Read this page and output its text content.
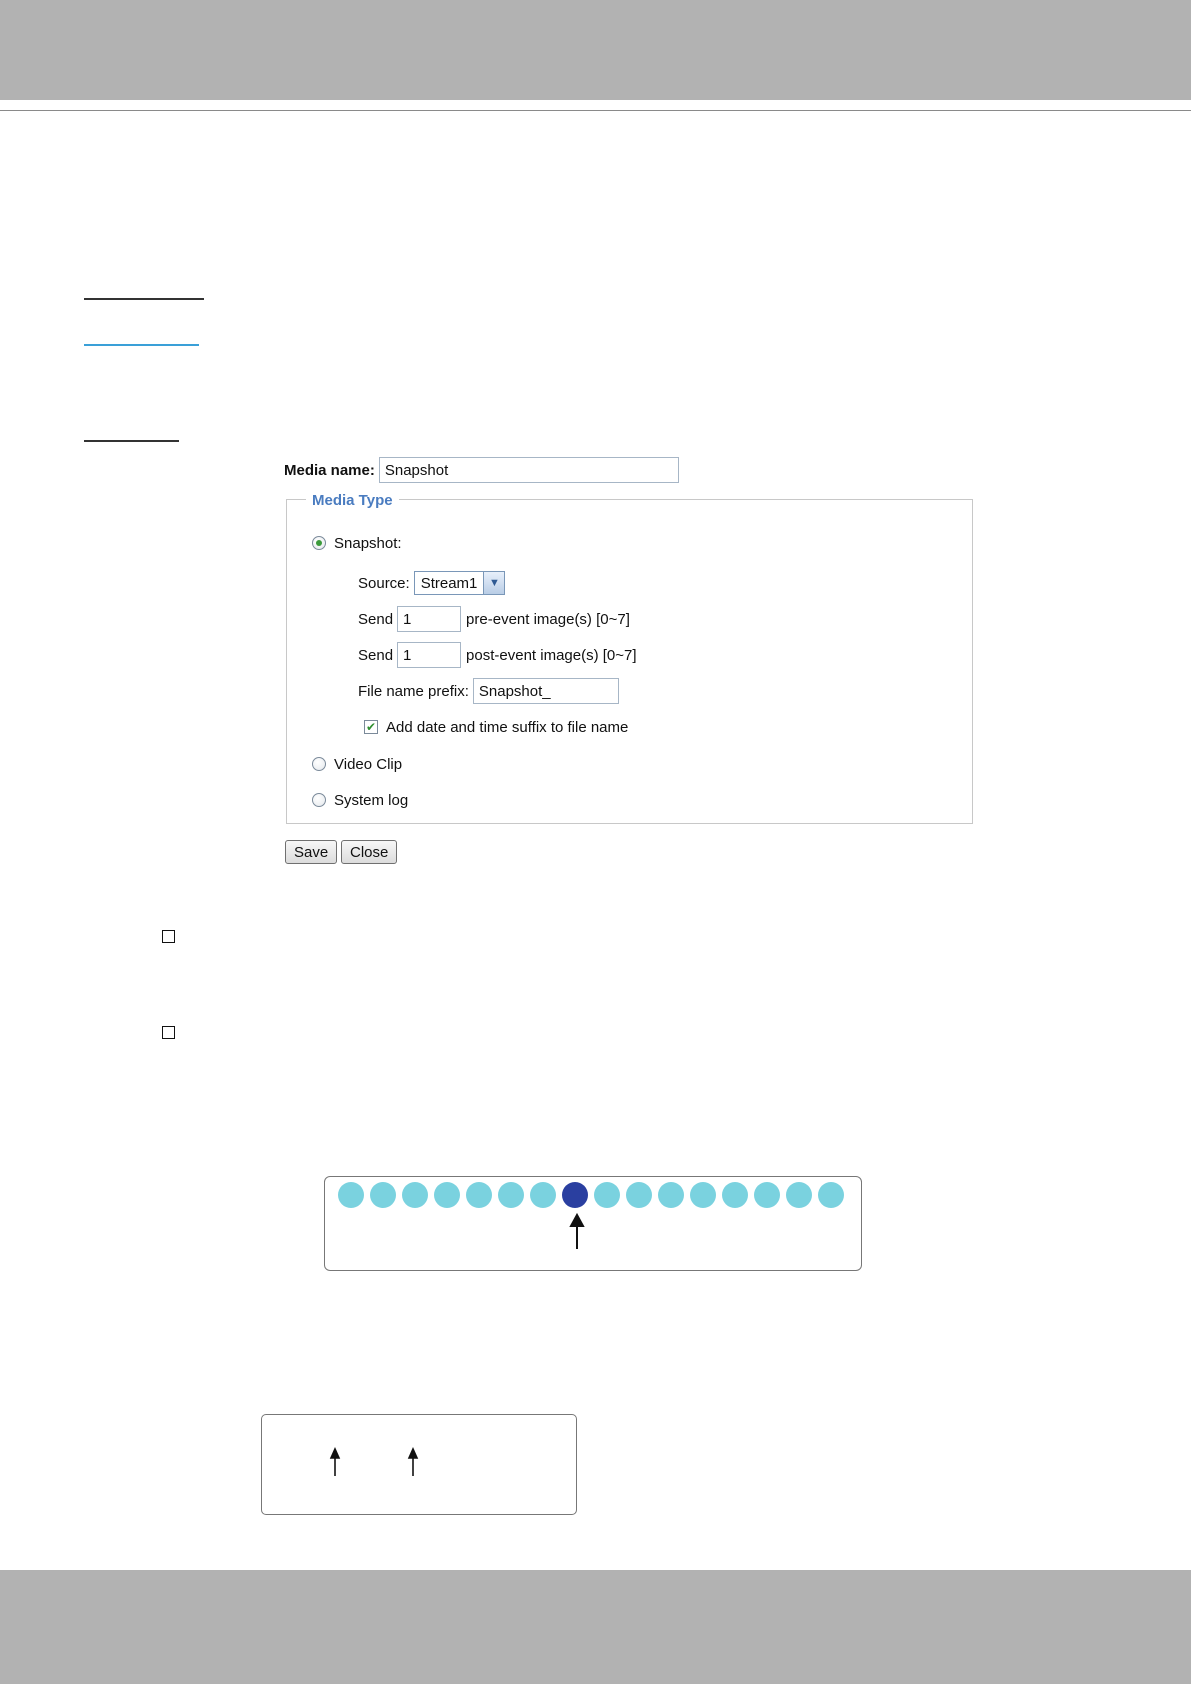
Media name:
Snapshot
Media Type
Snapshot:
Source: Stream1	▼
Send
1	pre-event image(s) [0~7]
Send
1	post-event image(s) [0~7]
File name prefix:
Snapshot_
✔ Add date and time suffix to file name
Video Clip
System log
Save	Close
